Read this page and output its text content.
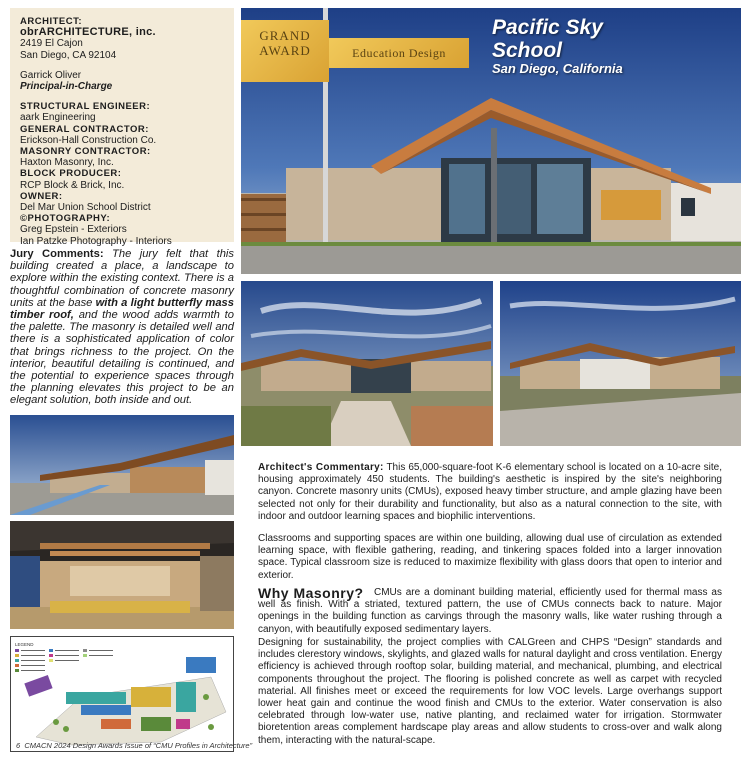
ARCHITECT:
obrARCHITECTURE, inc.
2419 El Cajon
San Diego, CA 92104
Garrick Oliver
Principal-in-Charge
STRUCTURAL ENGINEER:
aark Engineering
GENERAL CONTRACTOR:
Erickson-Hall Construction Co.
MASONRY CONTRACTOR:
Haxton Masonry, Inc.
BLOCK PRODUCER:
RCP Block & Brick, Inc.
OWNER:
Del Mar Union School District
©PHOTOGRAPHY:
Greg Epstein - Exteriors
Ian Patzke Photography - Interiors
Jury Comments: The jury felt that this building created a place, a landscape to explore within the existing context. There is a thoughtful combination of concrete masonry units at the base with a light butterfly mass timber roof, and the wood adds warmth to the palette. The masonry is detailed well and there is a sophisticated application of color that brings richness to the project. On the interior, beautiful detailing is continued, and the potential to experience spaces through the planning elevates this project to be an elegant solution, both inside and out.
GRAND
AWARD	Education Design
Pacific Sky
School
San Diego, California
LEGEND
6 CMACN 2024 Design Awards Issue of “CMU Profiles in Architecture”
Architect's Commentary: This 65,000-square-foot K-6 elementary school is located on a 10-acre site, housing approximately 450 students. The building's aesthetic is inspired by the site's neighboring canyon. Concrete masonry units (CMUs), exposed heavy timber structure, and ample glazing have been selected not only for their durability and functionality, but also as a natural connection to the site, with indoor and outdoor learning spaces and biophilic interventions.
Classrooms and supporting spaces are within one building, allowing dual use of circulation as extended learning space, with flexible gathering, reading, and tinkering spaces folded into a larger innovation space. Typical classroom size is reduced to maximize flexibility with glass doors that open to interior and exterior.
CMUs are a dominant building material, efficiently used for thermal mass as well as finish. With a striated, textured pattern, the use of CMUs connects back to nature. Major openings in the building function as carvings through the masonry walls, like water rushing through a canyon, with beautifully exposed sedimentary layers.
Why Masonry?
Designing for sustainability, the project complies with CALGreen and CHPS “Design” standards and includes clerestory windows, skylights, and glazed walls for natural daylight and cross ventilation. Energy efficiency is achieved through rooftop solar, building material, and mechanical, plumbing, and electrical components throughout the project. The flooring is polished concrete as well as carpet with recycled material. All finishes meet or exceed the requirements for low VOC levels. Large overhangs support lower heat gain and continue the wood finish and CMUs to the exterior. Water conservation is also celebrated through low-water use, native planting, and reclaimed water for irrigation. Stormwater bioretention areas complement hardscape play areas and allow students to cross-over and walk along them, interacting with the natural-scape.
